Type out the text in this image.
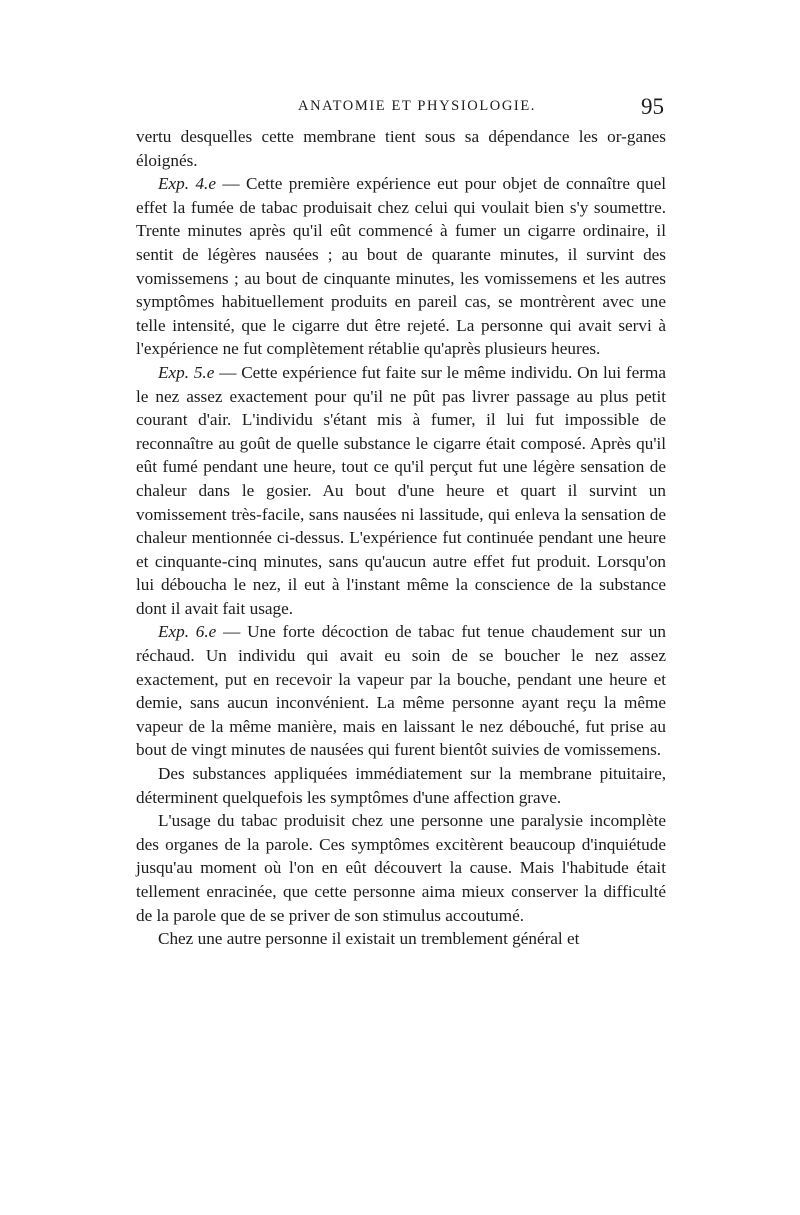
ANATOMIE ET PHYSIOLOGIE.	95

vertu desquelles cette membrane tient sous sa dépendance les or-ganes éloignés.

Exp. 4.e — Cette première expérience eut pour objet de connaître quel effet la fumée de tabac produisait chez celui qui voulait bien s'y soumettre. Trente minutes après qu'il eût commencé à fumer un cigarre ordinaire, il sentit de légères nausées ; au bout de quarante minutes, il survint des vomissemens ; au bout de cinquante minutes, les vomissemens et les autres symptômes habituellement produits en pareil cas, se montrèrent avec une telle intensité, que le cigarre dut être rejeté. La personne qui avait servi à l'expérience ne fut complètement rétablie qu'après plusieurs heures.

Exp. 5.e — Cette expérience fut faite sur le même individu. On lui ferma le nez assez exactement pour qu'il ne pût pas livrer passage au plus petit courant d'air. L'individu s'étant mis à fumer, il lui fut impossible de reconnaître au goût de quelle substance le cigarre était composé. Après qu'il eût fumé pendant une heure, tout ce qu'il perçut fut une légère sensation de chaleur dans le gosier. Au bout d'une heure et quart il survint un vomissement très-facile, sans nausées ni lassitude, qui enleva la sensation de chaleur mentionnée ci-dessus. L'expérience fut continuée pendant une heure et cinquante-cinq minutes, sans qu'aucun autre effet fut produit. Lorsqu'on lui déboucha le nez, il eut à l'instant même la conscience de la substance dont il avait fait usage.

Exp. 6.e — Une forte décoction de tabac fut tenue chaudement sur un réchaud. Un individu qui avait eu soin de se boucher le nez assez exactement, put en recevoir la vapeur par la bouche, pendant une heure et demie, sans aucun inconvénient. La même personne ayant reçu la même vapeur de la même manière, mais en laissant le nez débouché, fut prise au bout de vingt minutes de nausées qui furent bientôt suivies de vomissemens.

Des substances appliquées immédiatement sur la membrane pituitaire, déterminent quelquefois les symptômes d'une affection grave.

L'usage du tabac produisit chez une personne une paralysie incomplète des organes de la parole. Ces symptômes excitèrent beaucoup d'inquiétude jusqu'au moment où l'on en eût découvert la cause. Mais l'habitude était tellement enracinée, que cette personne aima mieux conserver la difficulté de la parole que de se priver de son stimulus accoutumé.

Chez une autre personne il existait un tremblement général et
